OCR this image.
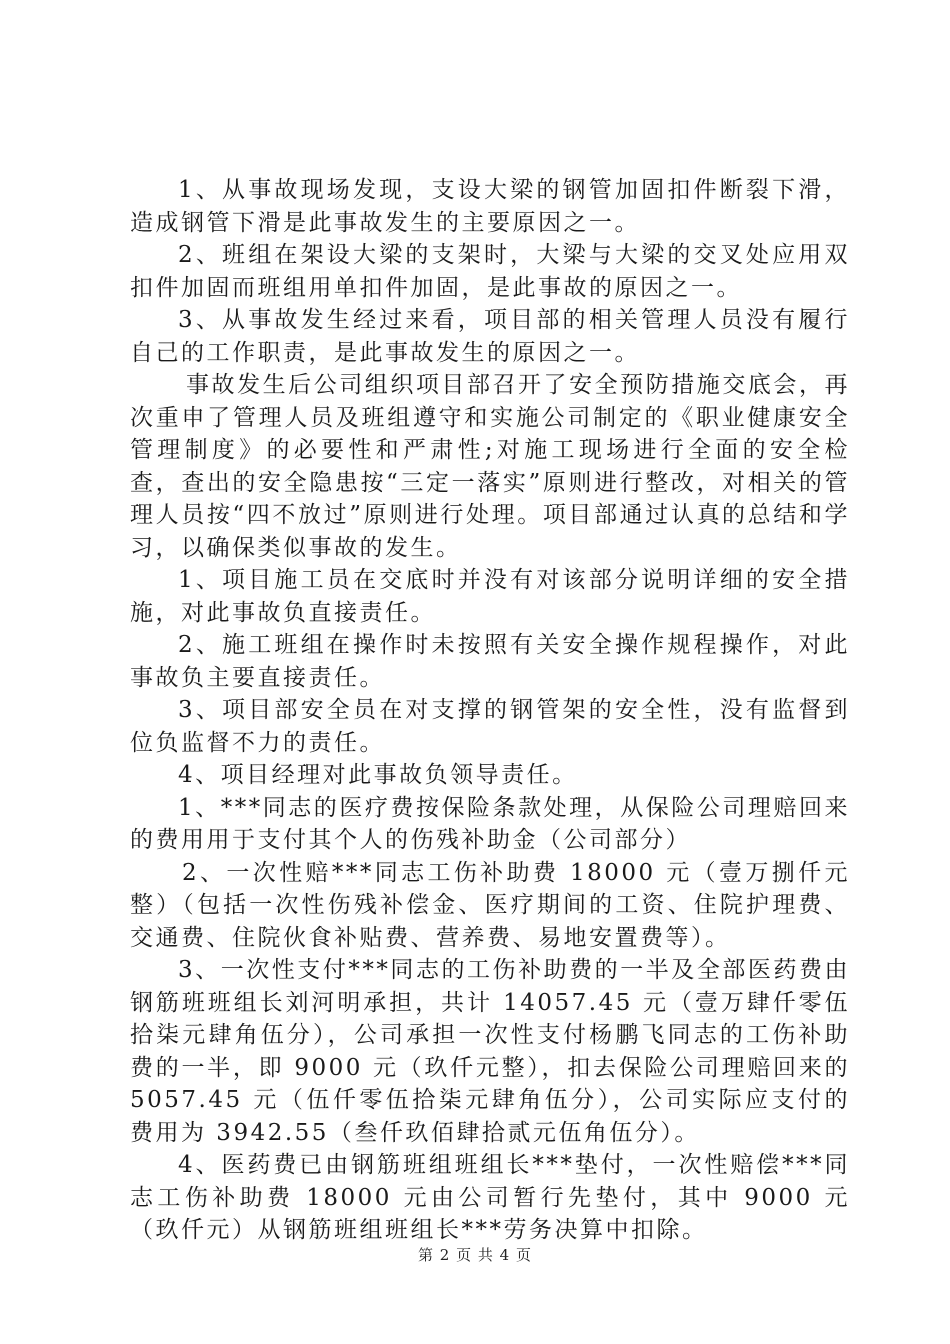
1、从事故现场发现，支设大梁的钢管加固扣件断裂下滑，造成钢管下滑是此事故发生的主要原因之一。

2、班组在架设大梁的支架时，大梁与大梁的交叉处应用双扣件加固而班组用单扣件加固，是此事故的原因之一。

3、从事故发生经过来看，项目部的相关管理人员没有履行自己的工作职责，是此事故发生的原因之一。

事故发生后公司组织项目部召开了安全预防措施交底会，再次重申了管理人员及班组遵守和实施公司制定的《职业健康安全管理制度》的必要性和严肃性;对施工现场进行全面的安全检查，查出的安全隐患按“三定一落实”原则进行整改，对相关的管理人员按“四不放过”原则进行处理。项目部通过认真的总结和学习，以确保类似事故的发生。

1、项目施工员在交底时并没有对该部分说明详细的安全措施，对此事故负直接责任。

2、施工班组在操作时未按照有关安全操作规程操作，对此事故负主要直接责任。

3、项目部安全员在对支撑的钢管架的安全性，没有监督到位负监督不力的责任。

4、项目经理对此事故负领导责任。

1、***同志的医疗费按保险条款处理，从保险公司理赔回来的费用用于支付其个人的伤残补助金（公司部分）

2、一次性赔***同志工伤补助费 18000 元（壹万捌仟元整）（包括一次性伤残补偿金、医疗期间的工资、住院护理费、交通费、住院伙食补贴费、营养费、易地安置费等）。

3、一次性支付***同志的工伤补助费的一半及全部医药费由钢筋班班组长刘河明承担，共计 14057.45 元（壹万肆仟零伍拾柒元肆角伍分），公司承担一次性支付杨鹏飞同志的工伤补助费的一半，即 9000 元（玖仟元整），扣去保险公司理赔回来的 5057.45 元（伍仟零伍拾柒元肆角伍分），公司实际应支付的费用为 3942.55（叁仟玖佰肆拾贰元伍角伍分）。

4、医药费已由钢筋班组班组长***垫付，一次性赔偿***同志工伤补助费 18000 元由公司暂行先垫付，其中 9000 元（玖仟元）从钢筋班组班组长***劳务决算中扣除。

第 2 页 共 4 页
